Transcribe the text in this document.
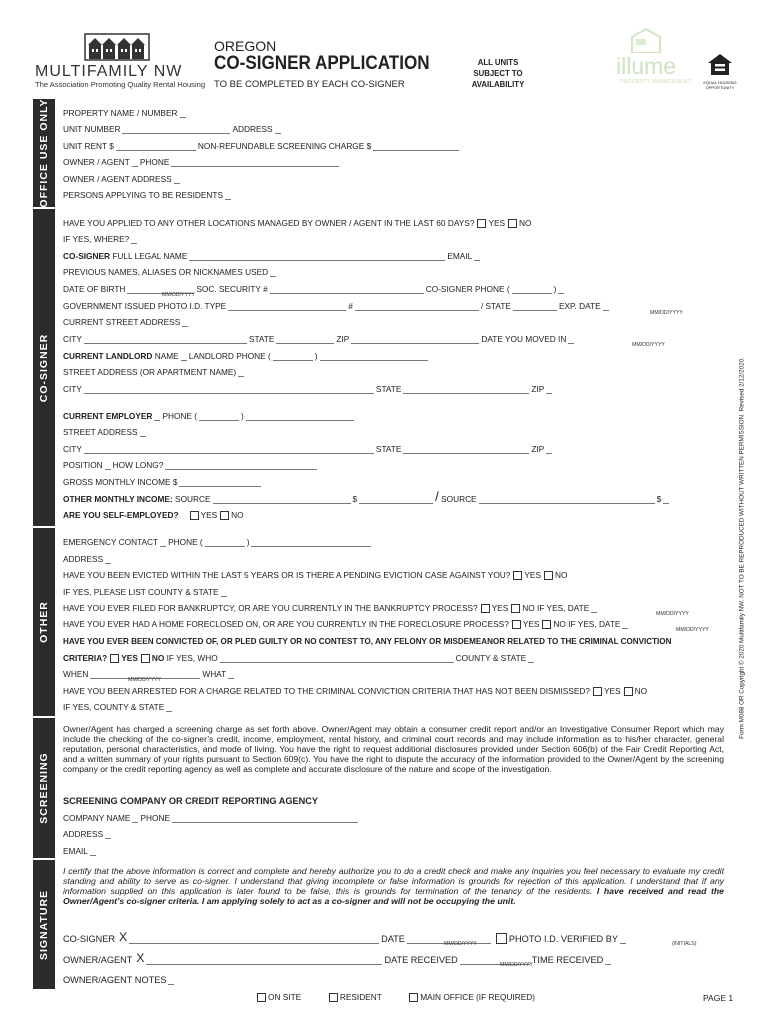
MULTIFAMILY NW
The Association Promoting Quality Rental Housing
OREGON
CO-SIGNER APPLICATION
TO BE COMPLETED BY EACH CO-SIGNER
ALL UNITS
SUBJECT TO
AVAILABILITY
illume
PROPERTY MANAGEMENT	EQUAL HOUSING
OPPORTUNITY
OFFICE USE ONLY
CO-SIGNER
OTHER
SCREENING
SIGNATURE
PROPERTY NAME / NUMBER
UNIT NUMBER	ADDRESS
UNIT RENT $	NON-REFUNDABLE SCREENING CHARGE $
OWNER / AGENT PHONE
OWNER / AGENT ADDRESS
PERSONS APPLYING TO BE RESIDENTS
HAVE YOU APPLIED TO ANY OTHER LOCATIONS MANAGED BY OWNER / AGENT IN THE LAST 60 DAYS? YES NO
IF YES, WHERE?
CO-SIGNER
FULL LEGAL NAME	EMAIL
PREVIOUS NAMES, ALIASES OR NICKNAMES USED
DATE OF BIRTH	SOC. SECURITY #	CO-SIGNER PHONE (	)
MM/DD/YYYY
GOVERNMENT ISSUED PHOTO I.D. TYPE	#	/ STATE	EXP. DATE
MM/DD/YYYY
CURRENT STREET ADDRESS
CITY	STATE	ZIP	DATE YOU MOVED IN
MM/DD/YYYY
CURRENT LANDLORD
NAME LANDLORD PHONE (	)
STREET ADDRESS (OR APARTMENT NAME)
CITY	STATE	ZIP
CURRENT EMPLOYER PHONE (	)
STREET ADDRESS
CITY	STATE	ZIP
POSITION HOW LONG?
GROSS MONTHLY INCOME $
OTHER MONTHLY INCOME:
SOURCE	$	/
SOURCE	$
ARE YOU SELF-EMPLOYED?	YES NO
EMERGENCY CONTACT PHONE (	)
ADDRESS
HAVE YOU BEEN EVICTED WITHIN THE LAST 5 YEARS OR IS THERE A PENDING EVICTION CASE AGAINST YOU? YES NO
IF YES, PLEASE LIST COUNTY & STATE
HAVE YOU EVER FILED FOR BANKRUPTCY, OR ARE YOU CURRENTLY IN THE BANKRUPTCY PROCESS? YES NO
IF YES, DATE
MM/DD/YYYY
HAVE YOU EVER HAD A HOME FORECLOSED ON, OR ARE YOU CURRENTLY IN THE FORECLOSURE PROCESS? YES NO
IF YES, DATE
MM/DD/YYYY
HAVE YOU EVER BEEN CONVICTED OF, OR PLED GUILTY OR NO CONTEST TO, ANY FELONY OR MISDEMEANOR RELATED TO THE CRIMINAL CONVICTION
CRITERIA? YES NO
IF YES, WHO	COUNTY & STATE
WHEN	WHAT
MM/DD/YYYY
HAVE YOU BEEN ARRESTED FOR A CHARGE RELATED TO THE CRIMINAL CONVICTION CRITERIA THAT HAS NOT BEEN DISMISSED? YES NO
IF YES, COUNTY & STATE
Owner/Agent has charged a screening charge as set forth above. Owner/Agent may obtain a consumer credit report and/or an Investigative Consumer Report which may include the checking of the co-signer’s credit, income, employment, rental history, and criminal court records and may include information as to his/her character, general reputation, personal characteristics, and mode of living. You have the right to request additional disclosures provided under Section 606(b) of the Fair Credit Reporting Act, and a written summary of your rights pursuant to Section 609(c). You have the right to dispute the accuracy of the information provided to the Owner/Agent by the screening company or the credit reporting agency as well as complete and accurate disclosure of the nature and scope of the investigation.
SCREENING COMPANY OR CREDIT REPORTING AGENCY
COMPANY NAME PHONE
ADDRESS
EMAIL
I certify that the above information is correct and complete and hereby authorize you to do a credit check and make any inquiries you feel necessary to evaluate my credit standing and ability to serve as co-signer. I understand that giving incomplete or false information is grounds for rejection of this application. I understand that if any information supplied on this application is later found to be false, this is grounds for termination of the tenancy of the residents. I have received and read the Owner/Agent’s co-signer criteria. I am applying solely to act as a co-signer and will not be occupying the unit.
CO-SIGNER X	DATE	PHOTO I.D. VERIFIED BY
MM/DD/YYYY	(INITIALS)
OWNER/AGENT X	DATE RECEIVED	TIME RECEIVED
MM/DD/YYYY
OWNER/AGENT NOTES
ON SITE	RESIDENT	MAIN OFFICE (IF REQUIRED)	PAGE 1
Form M088 OR Copyright © 2020 Multifamily NW. NOT TO BE REPRODUCED WITHOUT WRITTEN PERMISSION. Revised 2/12/2020.
